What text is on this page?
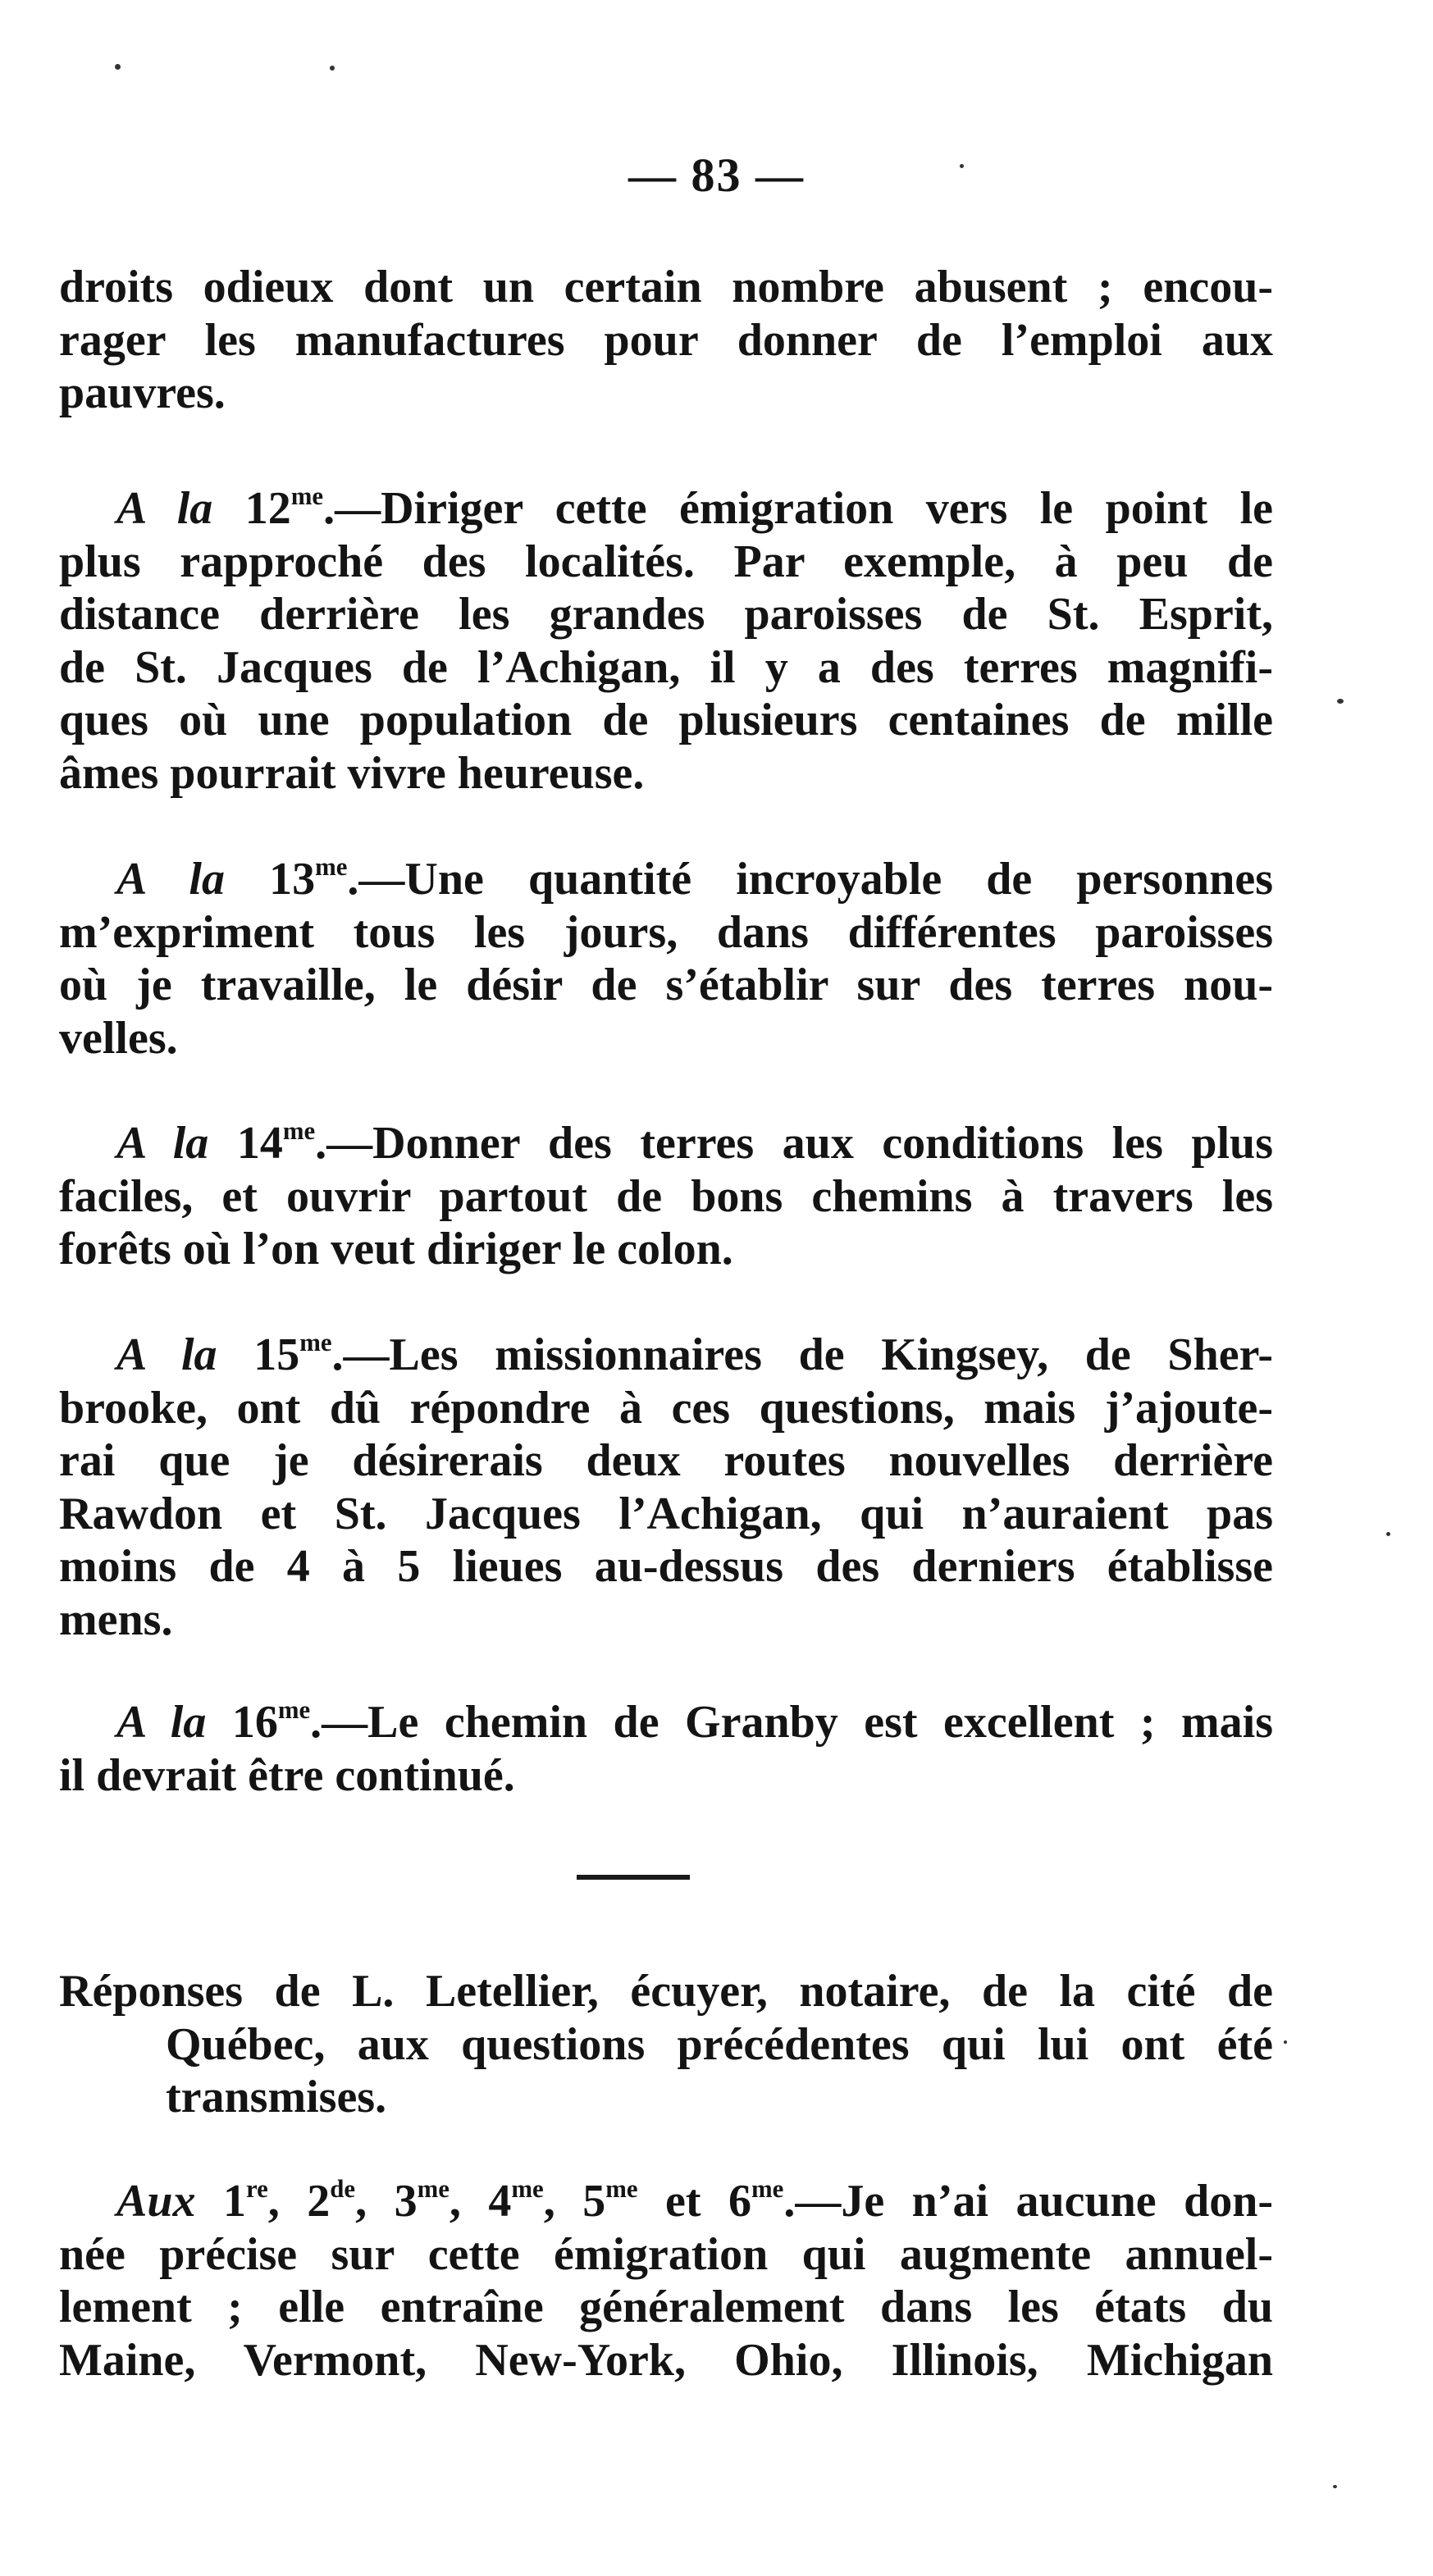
— 83 —

droits odieux dont un certain nombre abusent ; encou-
rager les manufactures pour donner de l’emploi aux
pauvres.

A la $12^{me}.—Diriger$ cette émigration vers le point le
plus rapproché des localités. Par exemple, à peu de
distance derrière les grandes paroisses de St. Esprit,
de St. Jacques de l’Achigan, il y a des terres magnifi-
ques où une population de plusieurs centaines de mille
âmes pourrait vivre heureuse.

A la $13^{me}.—Une$ quantité incroyable de personnes
m’expriment tous les jours, dans différentes paroisses
où je travaille, le désir de s’établir sur des terres nou-
velles.

A la $14^{me}.—Donner$ des terres aux conditions les plus
faciles, et ouvrir partout de bons chemins à travers les
forêts où l’on veut diriger le colon.

A la $15^{me}.—Les$ missionnaires de Kingsey, de Sher-
brooke, ont dû répondre à ces questions, mais j’ajoute-
rai que je désirerais deux routes nouvelles derrière
Rawdon et St. Jacques l’Achigan, qui n’auraient pas
moins de 4 à 5 lieues au-dessus des derniers établisse
mens.

A la $16^{me}.—Le$ chemin de Granby est excellent ; mais
il devrait être continué.

Réponses de L. Letellier, écuyer, notaire, de la cité de
Québec, aux questions précédentes qui lui ont été
transmises.

Aux 1re, 2de, $3^{me}$, $4^{me}$, $5^{me}$ et $6^{me}.—Je$ n’ai aucune don-
née précise sur cette émigration qui augmente annuel-
lement ; elle entraîne généralement dans les états du
Maine, Vermont, New-York, Ohio, Illinois, Michigan
